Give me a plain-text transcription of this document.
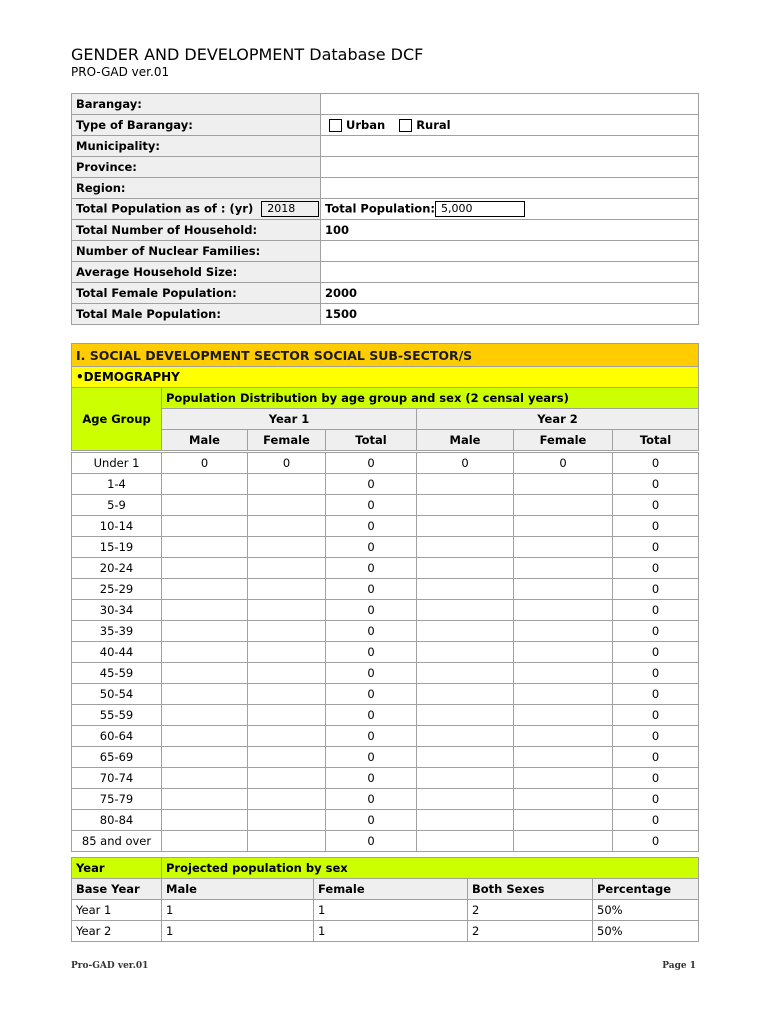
GENDER AND DEVELOPMENT Database DCF
PRO-GAD ver.01
Barangay:	
Type of Barangay:	Urban Rural
Municipality:	
Province:	
Region:	
Total Population as of : (yr) 2018	Total Population: 5,000
Total Number of Household:	100
Number of Nuclear Families:	
Average Household Size:	
Total Female Population:	2000
Total Male Population:	1500
I. SOCIAL DEVELOPMENT SECTOR SOCIAL SUB-SECTOR/S						
•DEMOGRAPHY						
Age Group	Population Distribution by age group and sex (2 censal years)					
	Year 1			Year 2		
	Male	Female	Total	Male	Female	Total
Under 1	0	0	0	0	0	0
1-4			0			0
5-9			0			0
10-14			0			0
15-19			0			0
20-24			0			0
25-29			0			0
30-34			0			0
35-39			0			0
40-44			0			0
45-59			0			0
50-54			0			0
55-59			0			0
60-64			0			0
65-69			0			0
70-74			0			0
75-79			0			0
80-84			0			0
85 and over			0			0
Year	Projected population by sex			
Base Year	Male	Female	Both Sexes	Percentage
Year 1	1	1	2	50%
Year 2	1	1	2	50%
Pro-GAD ver.01	Page 1
